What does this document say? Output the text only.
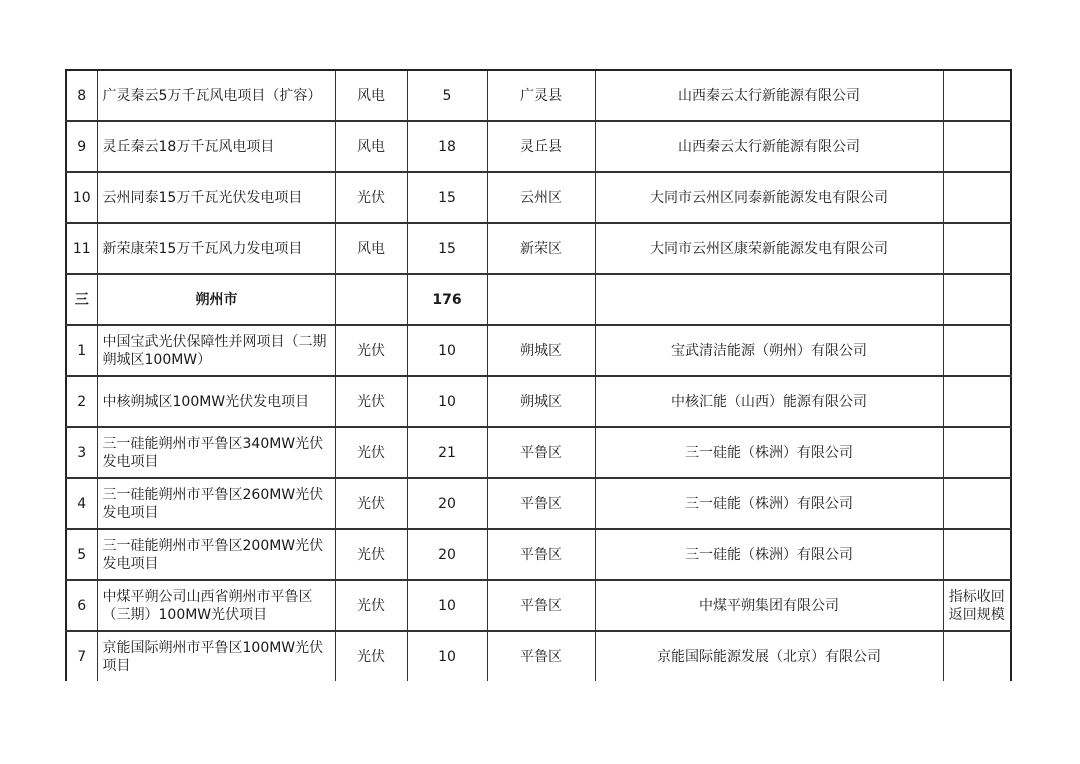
8	广灵秦云5万千瓦风电项目（扩容）	风电	5	广灵县	山西秦云太行新能源有限公司	
9	灵丘秦云18万千瓦风电项目	风电	18	灵丘县	山西秦云太行新能源有限公司	
10	云州同泰15万千瓦光伏发电项目	光伏	15	云州区	大同市云州区同泰新能源发电有限公司	
11	新荣康荣15万千瓦风力发电项目	风电	15	新荣区	大同市云州区康荣新能源发电有限公司	
三	朔州市		176			
1	中国宝武光伏保障性并网项目（二期朔城区100MW）	光伏	10	朔城区	宝武清洁能源（朔州）有限公司	
2	中核朔城区100MW光伏发电项目	光伏	10	朔城区	中核汇能（山西）能源有限公司	
3	三一硅能朔州市平鲁区340MW光伏发电项目	光伏	21	平鲁区	三一硅能（株洲）有限公司	
4	三一硅能朔州市平鲁区260MW光伏发电项目	光伏	20	平鲁区	三一硅能（株洲）有限公司	
5	三一硅能朔州市平鲁区200MW光伏发电项目	光伏	20	平鲁区	三一硅能（株洲）有限公司	
6	中煤平朔公司山西省朔州市平鲁区（三期）100MW光伏项目	光伏	10	平鲁区	中煤平朔集团有限公司	指标收回返回规模
7	京能国际朔州市平鲁区100MW光伏项目	光伏	10	平鲁区	京能国际能源发展（北京）有限公司	
